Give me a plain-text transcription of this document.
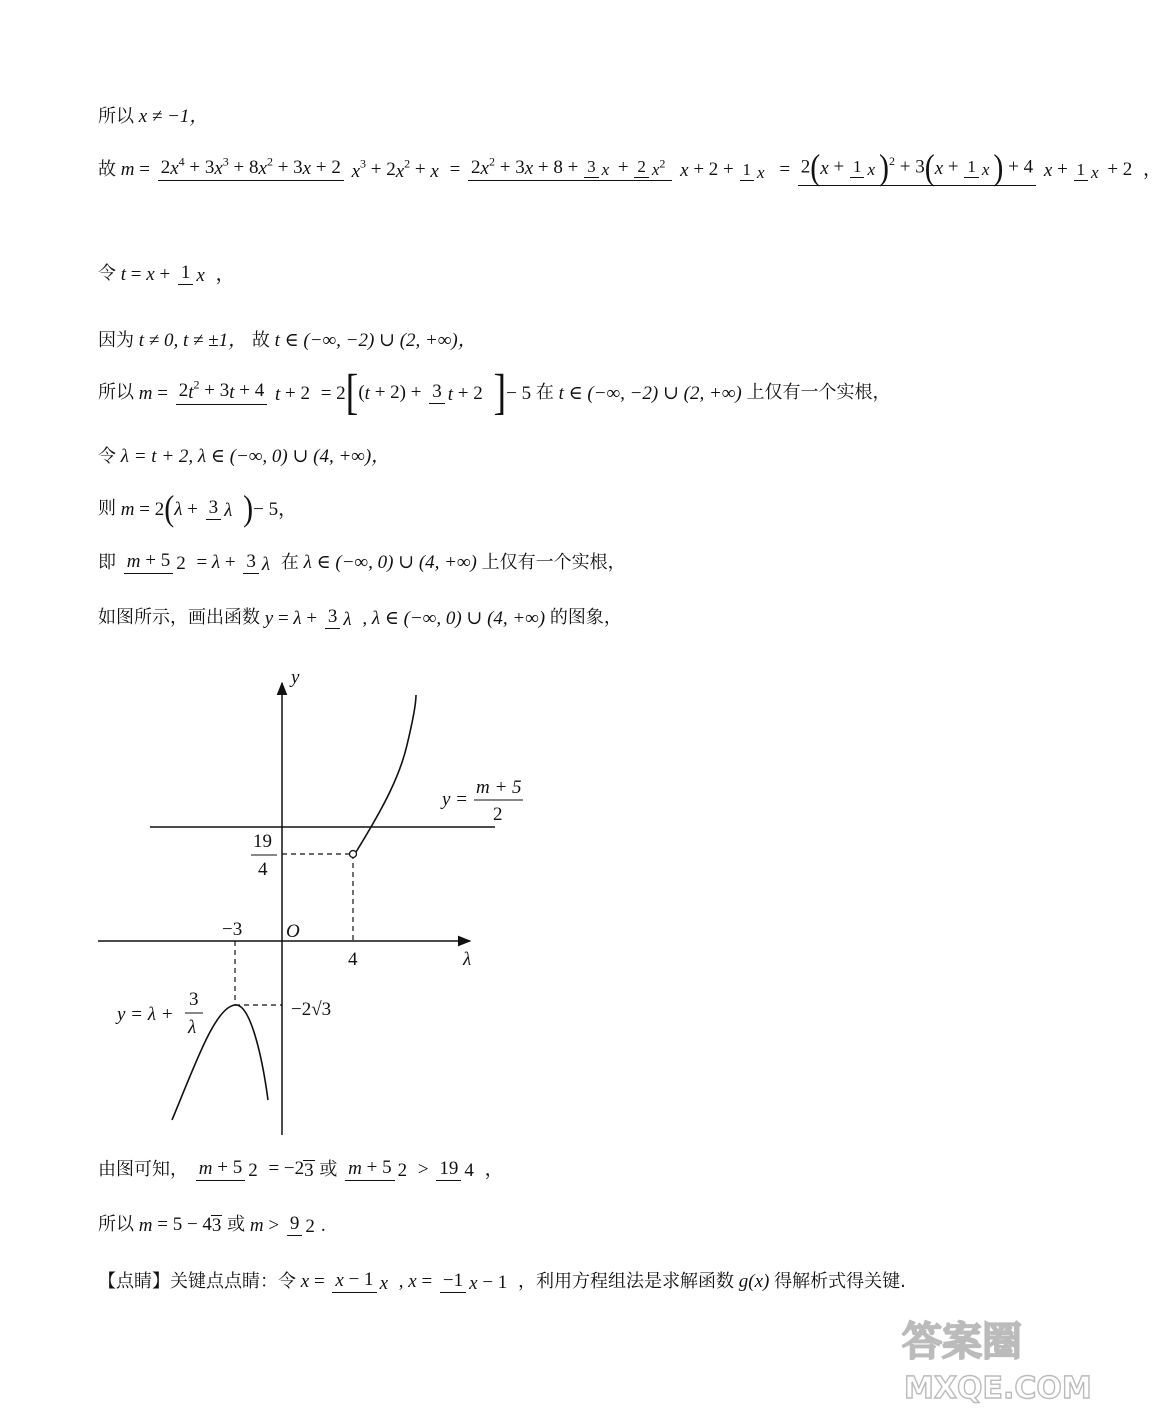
所以 x ≠ −1，
故 $m = 2x^4 + 3x^3 + 8x^2 + 3x + 2$ $x^3 + 2x^2 + x = 2x^2 + 3x + 8 + 3$ x + 2 $x^2$ x + 2 + 1 x = 2(x + 1 x )$^2$ + 3(x + 1 x ) + 4 x + 1 x + 2 ，
令 t = x + 1 x ，
因为 t ≠ 0, t ≠ ±1， 故 t ∈ (−∞, −2) ∪ (2, +∞)，
所以 $m = 2t^2 + 3t + 4$ t + 2 = 2[(t + 2) + 3 t + 2 ]− 5 在 t ∈ (−∞, −2) ∪ (2, +∞) 上仅有一个实根，
令 λ = t + 2, λ ∈ (−∞, 0) ∪ (4, +∞)，
则 m = 2(λ + 3 λ )− 5，
即 m + 5 2 = λ + 3 λ 在 λ ∈ (−∞, 0) ∪ (4, +∞) 上仅有一个实根，
如图所示，画出函数 y = λ + 3 λ , λ ∈ (−∞, 0) ∪ (4, +∞) 的图象，
y
λ
O
−3
4
19
4
−2√3
y = λ +
3
λ
y =
m + 5
2
由图可知， m + 5 2 = −23 或 m + 5 2 > 19 4 ，
所以 m = 5 − 43 或 m > 9 2 .
【点睛】关键点点睛：令 x = x − 1 x , x = −1 x − 1 ，利用方程组法是求解函数 g(x) 得解析式得关键.
答案圈
MXQE.COM
